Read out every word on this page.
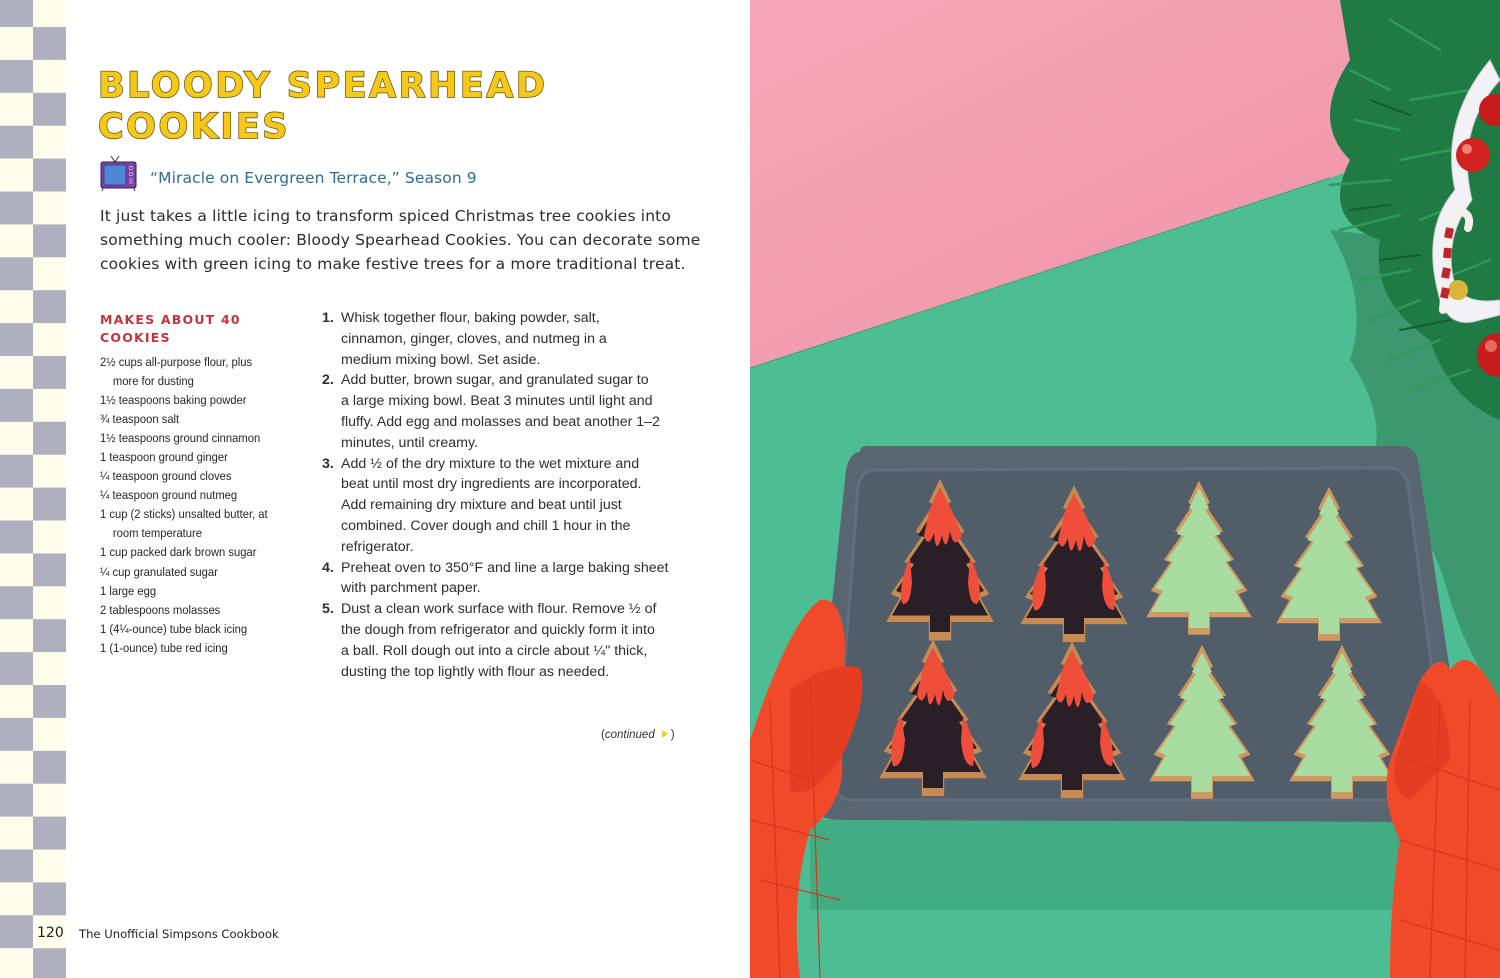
BLOODY SPEARHEAD
COOKIES
“Miracle on Evergreen Terrace,” Season 9
It just takes a little icing to transform spiced Christmas tree cookies into
something much cooler: Bloody Spearhead Cookies. You can decorate some
cookies with green icing to make festive trees for a more traditional treat.
MAKES ABOUT 40
COOKIES
2½ cups all-purpose flour, plus more for dusting
1½ teaspoons baking powder
¾ teaspoon salt
1½ teaspoons ground cinnamon
1 teaspoon ground ginger
¼ teaspoon ground cloves
¼ teaspoon ground nutmeg
1 cup (2 sticks) unsalted butter, at room temperature
1 cup packed dark brown sugar
¼ cup granulated sugar
1 large egg
2 tablespoons molasses
1 (4¼-ounce) tube black icing
1 (1-ounce) tube red icing
1. Whisk together flour, baking powder, salt,
cinnamon, ginger, cloves, and nutmeg in a
medium mixing bowl. Set aside.
2. Add butter, brown sugar, and granulated sugar to
a large mixing bowl. Beat 3 minutes until light and
fluffy. Add egg and molasses and beat another 1–2
minutes, until creamy.
3. Add ½ of the dry mixture to the wet mixture and
beat until most dry ingredients are incorporated.
Add remaining dry mixture and beat until just
combined. Cover dough and chill 1 hour in the
refrigerator.
4. Preheat oven to 350°F and line a large baking sheet
with parchment paper.
5. Dust a clean work surface with flour. Remove ½ of
the dough from refrigerator and quickly form it into
a ball. Roll dough out into a circle about ¼" thick,
dusting the top lightly with flour as needed.
(continued )
120 The Unofficial Simpsons Cookbook
